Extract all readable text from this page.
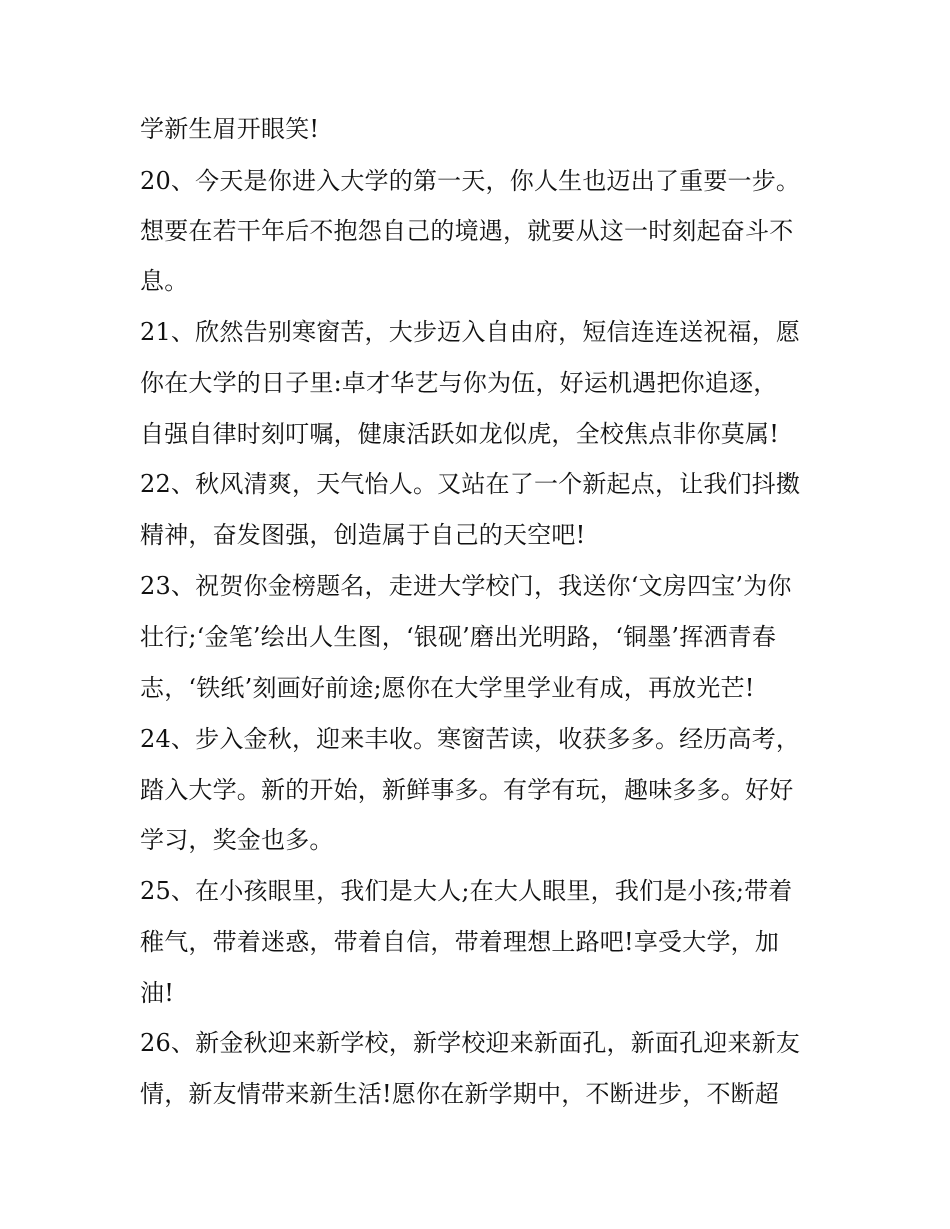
学新生眉开眼笑!
20、今天是你进入大学的第一天，你人生也迈出了重要一步。
想要在若干年后不抱怨自己的境遇，就要从这一时刻起奋斗不
息。
21、欣然告别寒窗苦，大步迈入自由府，短信连连送祝福，愿
你在大学的日子里:卓才华艺与你为伍，好运机遇把你追逐，
自强自律时刻叮嘱，健康活跃如龙似虎，全校焦点非你莫属!
22、秋风清爽，天气怡人。又站在了一个新起点，让我们抖擞
精神，奋发图强，创造属于自己的天空吧!
23、祝贺你金榜题名，走进大学校门，我送你‘文房四宝’为你
壮行;‘金笔’绘出人生图，‘银砚’磨出光明路，‘铜墨’挥洒青春
志，‘铁纸’刻画好前途;愿你在大学里学业有成，再放光芒!
24、步入金秋，迎来丰收。寒窗苦读，收获多多。经历高考，
踏入大学。新的开始，新鲜事多。有学有玩，趣味多多。好好
学习，奖金也多。
25、在小孩眼里，我们是大人;在大人眼里，我们是小孩;带着
稚气，带着迷惑，带着自信，带着理想上路吧!享受大学，加
油!
26、新金秋迎来新学校，新学校迎来新面孔，新面孔迎来新友
情，新友情带来新生活!愿你在新学期中，不断进步，不断超
